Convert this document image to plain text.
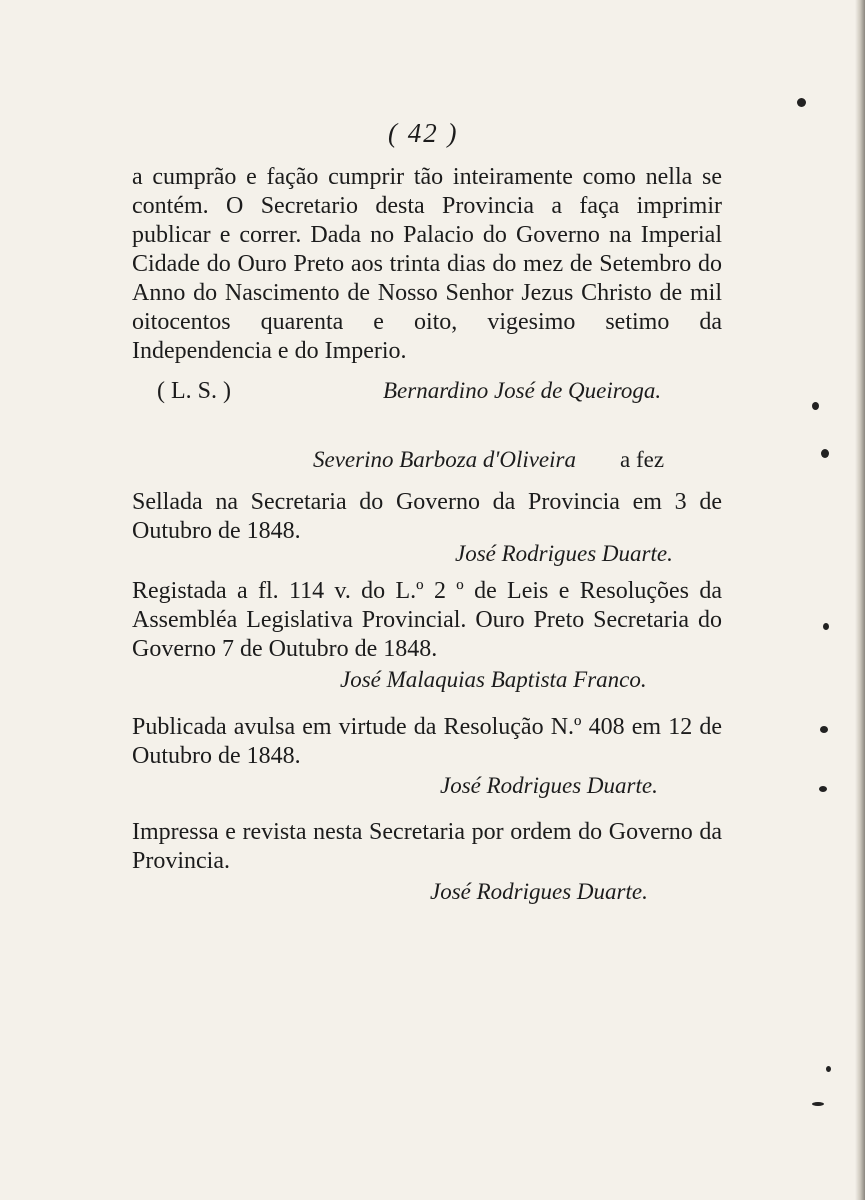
( 42 )

a cumprão e fação cumprir tão inteiramente como nella se contém. O Secretario desta Provincia a faça imprimir publicar e correr. Dada no Palacio do Governo na Imperial Cidade do Ouro Preto aos trinta dias do mez de Setembro do Anno do Nascimento de Nosso Senhor Jezus Christo de mil oitocentos quarenta e oito, vigesimo setimo da Independencia e do Imperio.

( L. S. )	Bernardino José de Queiroga.
Severino Barboza d'Oliveira a fez

Sellada na Secretaria do Governo da Provincia em 3 de Outubro de 1848.

José Rodrigues Duarte.

Registada a fl. 114 v. do L.º 2 º de Leis e Resoluções da Assembléa Legislativa Provincial. Ouro Preto Secretaria do Governo 7 de Outubro de 1848.

José Malaquias Baptista Franco.

Publicada avulsa em virtude da Resolução N.º 408 em 12 de Outubro de 1848.

José Rodrigues Duarte.

Impressa e revista nesta Secretaria por ordem do Governo da Provincia.

José Rodrigues Duarte.
